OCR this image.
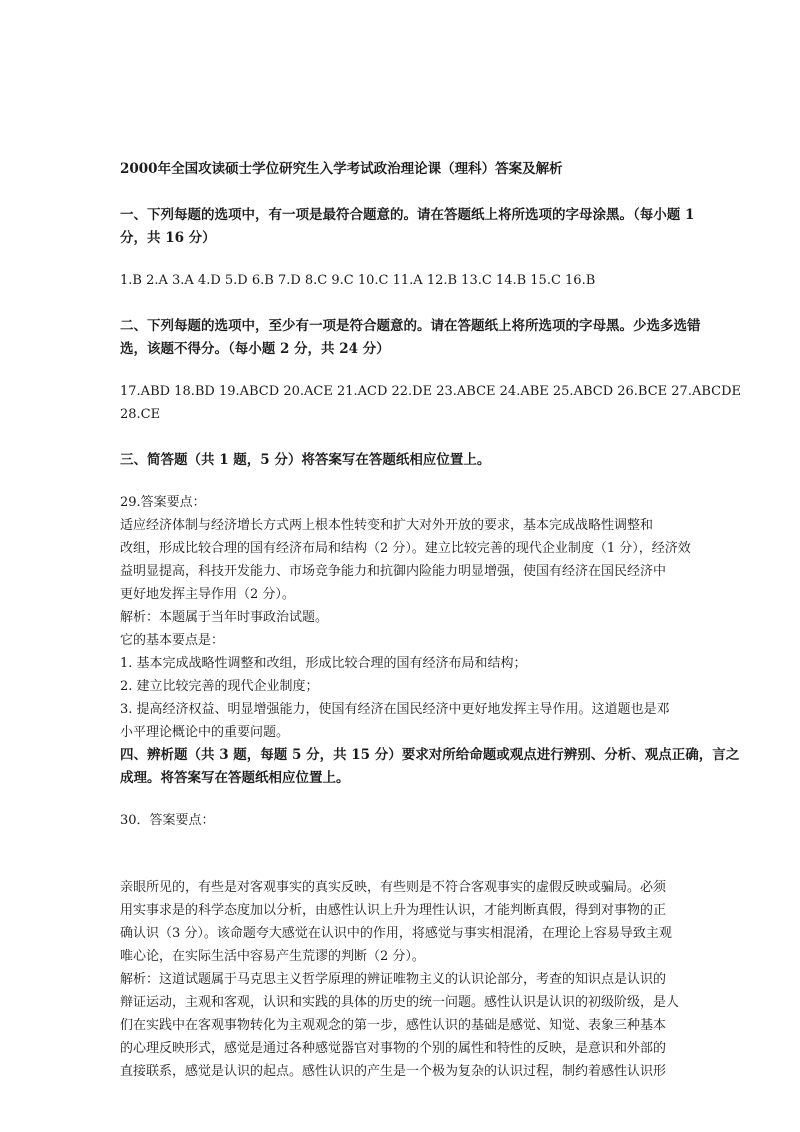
2000年全国攻读硕士学位研究生入学考试政治理论课（理科）答案及解析
一、下列每题的选项中，有一项是最符合题意的。请在答题纸上将所选项的字母涂黑。（每小题 1
分，共 16 分）
1.B 2.A 3.A 4.D 5.D 6.B 7.D 8.C 9.C 10.C 11.A 12.B 13.C 14.B 15.C 16.B
二、下列每题的选项中，至少有一项是符合题意的。请在答题纸上将所选项的字母黑。少选多选错
选，该题不得分。（每小题 2 分，共 24 分）
17.ABD 18.BD 19.ABCD 20.ACE 21.ACD 22.DE 23.ABCE 24.ABE 25.ABCD 26.BCE 27.ABCDE
28.CE
三、简答题（共 1 题，5 分）将答案写在答题纸相应位置上。
29.答案要点：
适应经济体制与经济增长方式两上根本性转变和扩大对外开放的要求，基本完成战略性调整和
改组，形成比较合理的国有经济布局和结构（2 分）。建立比较完善的现代企业制度（1 分），经济效
益明显提高，科技开发能力、市场竞争能力和抗御内险能力明显增强，使国有经济在国民经济中
更好地发挥主导作用（2 分）。
解析：本题属于当年时事政治试题。
它的基本要点是：
1. 基本完成战略性调整和改组，形成比较合理的国有经济布局和结构；
2. 建立比较完善的现代企业制度；
3. 提高经济权益、明显增强能力，使国有经济在国民经济中更好地发挥主导作用。这道题也是邓
小平理论概论中的重要问题。
四、辨析题（共 3 题，每题 5 分，共 15 分）要求对所给命题或观点进行辨别、分析、观点正确，言之
成理。将答案写在答题纸相应位置上。
30．答案要点：
亲眼所见的，有些是对客观事实的真实反映，有些则是不符合客观事实的虚假反映或骗局。必须
用实事求是的科学态度加以分析，由感性认识上升为理性认识，才能判断真假，得到对事物的正
确认识（3 分）。该命题夸大感觉在认识中的作用，将感觉与事实相混淆，在理论上容易导致主观
唯心论，在实际生活中容易产生荒谬的判断（2 分）。
解析：这道试题属于马克思主义哲学原理的辨证唯物主义的认识论部分，考查的知识点是认识的
辩证运动，主观和客观，认识和实践的具体的历史的统一问题。感性认识是认识的初级阶级，是人
们在实践中在客观事物转化为主观观念的第一步，感性认识的基础是感觉、知觉、表象三种基本
的心理反映形式，感觉是通过各种感觉器官对事物的个别的属性和特性的反映，是意识和外部的
直接联系，感觉是认识的起点。感性认识的产生是一个极为复杂的认识过程，制约着感性认识形
